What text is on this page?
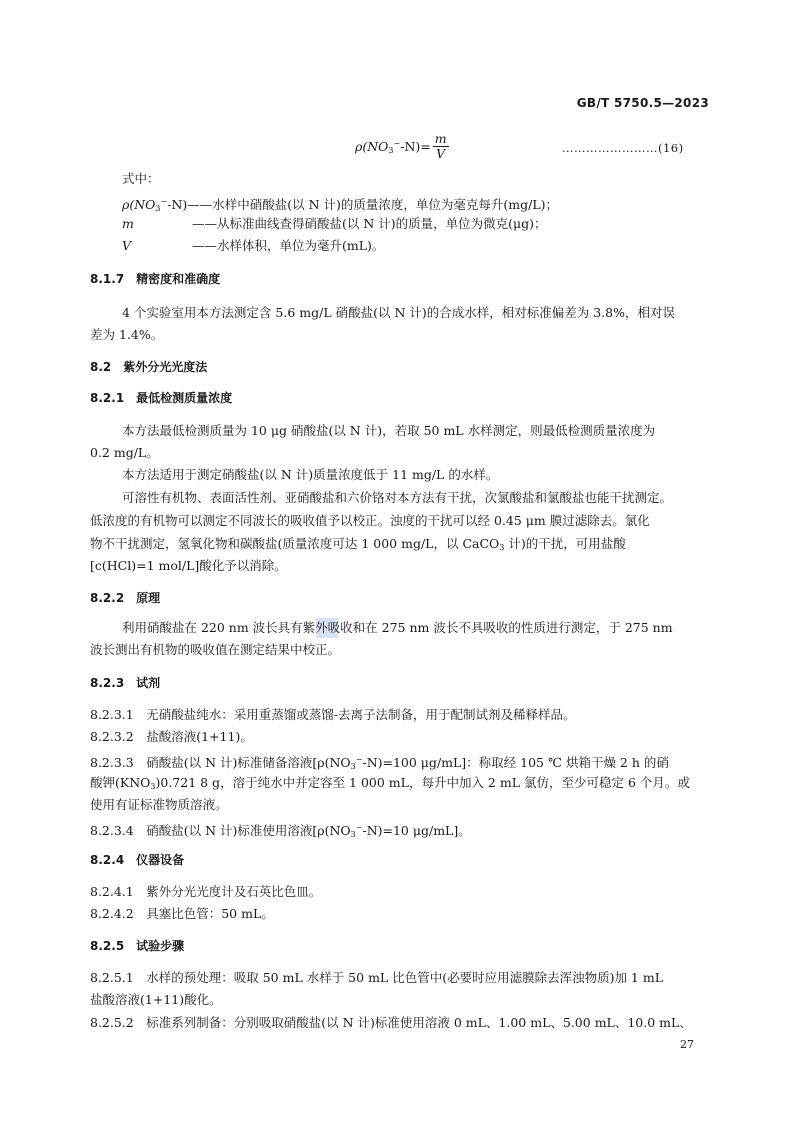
GB/T 5750.5—2023
$\rho(NO_3^--N)= \frac{m}{V}$	……………………(16)
式中：
$\rho(NO_3^--N)——$水样中硝酸盐(以 N 计)的质量浓度，单位为毫克每升(mg/L)；
m	——从标准曲线查得硝酸盐(以 N 计)的质量，单位为微克(μg)；
V	——水样体积，单位为毫升(mL)。
8.1.7　精密度和准确度
4 个实验室用本方法测定含 5.6 mg/L 硝酸盐(以 N 计)的合成水样，相对标准偏差为 3.8%，相对误
差为 1.4%。
8.2　紫外分光光度法
8.2.1　最低检测质量浓度
本方法最低检测质量为 10 μg 硝酸盐(以 N 计)，若取 50 mL 水样测定，则最低检测质量浓度为
0.2 mg/L。
本方法适用于测定硝酸盐(以 N 计)质量浓度低于 11 mg/L 的水样。
可溶性有机物、表面活性剂、亚硝酸盐和六价铬对本方法有干扰，次氯酸盐和氯酸盐也能干扰测定。
低浓度的有机物可以测定不同波长的吸收值予以校正。浊度的干扰可以经 0.45 μm 膜过滤除去。氯化
物不干扰测定，氢氧化物和碳酸盐(质量浓度可达 1 000 mg/L，以 CaCO$_3$ 计)的干扰，可用盐酸
[c(HCl)=1 mol/L]酸化予以消除。
8.2.2　原理
利用硝酸盐在 220 nm 波长具有紫外吸收和在 275 nm 波长不具吸收的性质进行测定，于 275 nm
波长测出有机物的吸收值在测定结果中校正。
8.2.3　试剂
8.2.3.1　无硝酸盐纯水：采用重蒸馏或蒸馏-去离子法制备，用于配制试剂及稀释样品。
8.2.3.2　盐酸溶液(1+11)。
8.2.3.3　硝酸盐(以 N 计)标准储备溶液[$\rho(NO_3^--N)=100$ μg/mL]：称取经 105 ℃ 烘箱干燥 2 h 的硝
酸钾$(KNO_3)0.721$ 8 g，溶于纯水中并定容至 1 000 mL，每升中加入 2 mL 氯仿，至少可稳定 6 个月。或
使用有证标准物质溶液。
8.2.3.4　硝酸盐(以 N 计)标准使用溶液[$\rho(NO_3^--N)=10$ μg/mL]。
8.2.4　仪器设备
8.2.4.1　紫外分光光度计及石英比色皿。
8.2.4.2　具塞比色管：50 mL。
8.2.5　试验步骤
8.2.5.1　水样的预处理：吸取 50 mL 水样于 50 mL 比色管中(必要时应用滤膜除去浑浊物质)加 1 mL
盐酸溶液(1+11)酸化。
8.2.5.2　标准系列制备：分别吸取硝酸盐(以 N 计)标准使用溶液 0 mL、1.00 mL、5.00 mL、10.0 mL、
27
